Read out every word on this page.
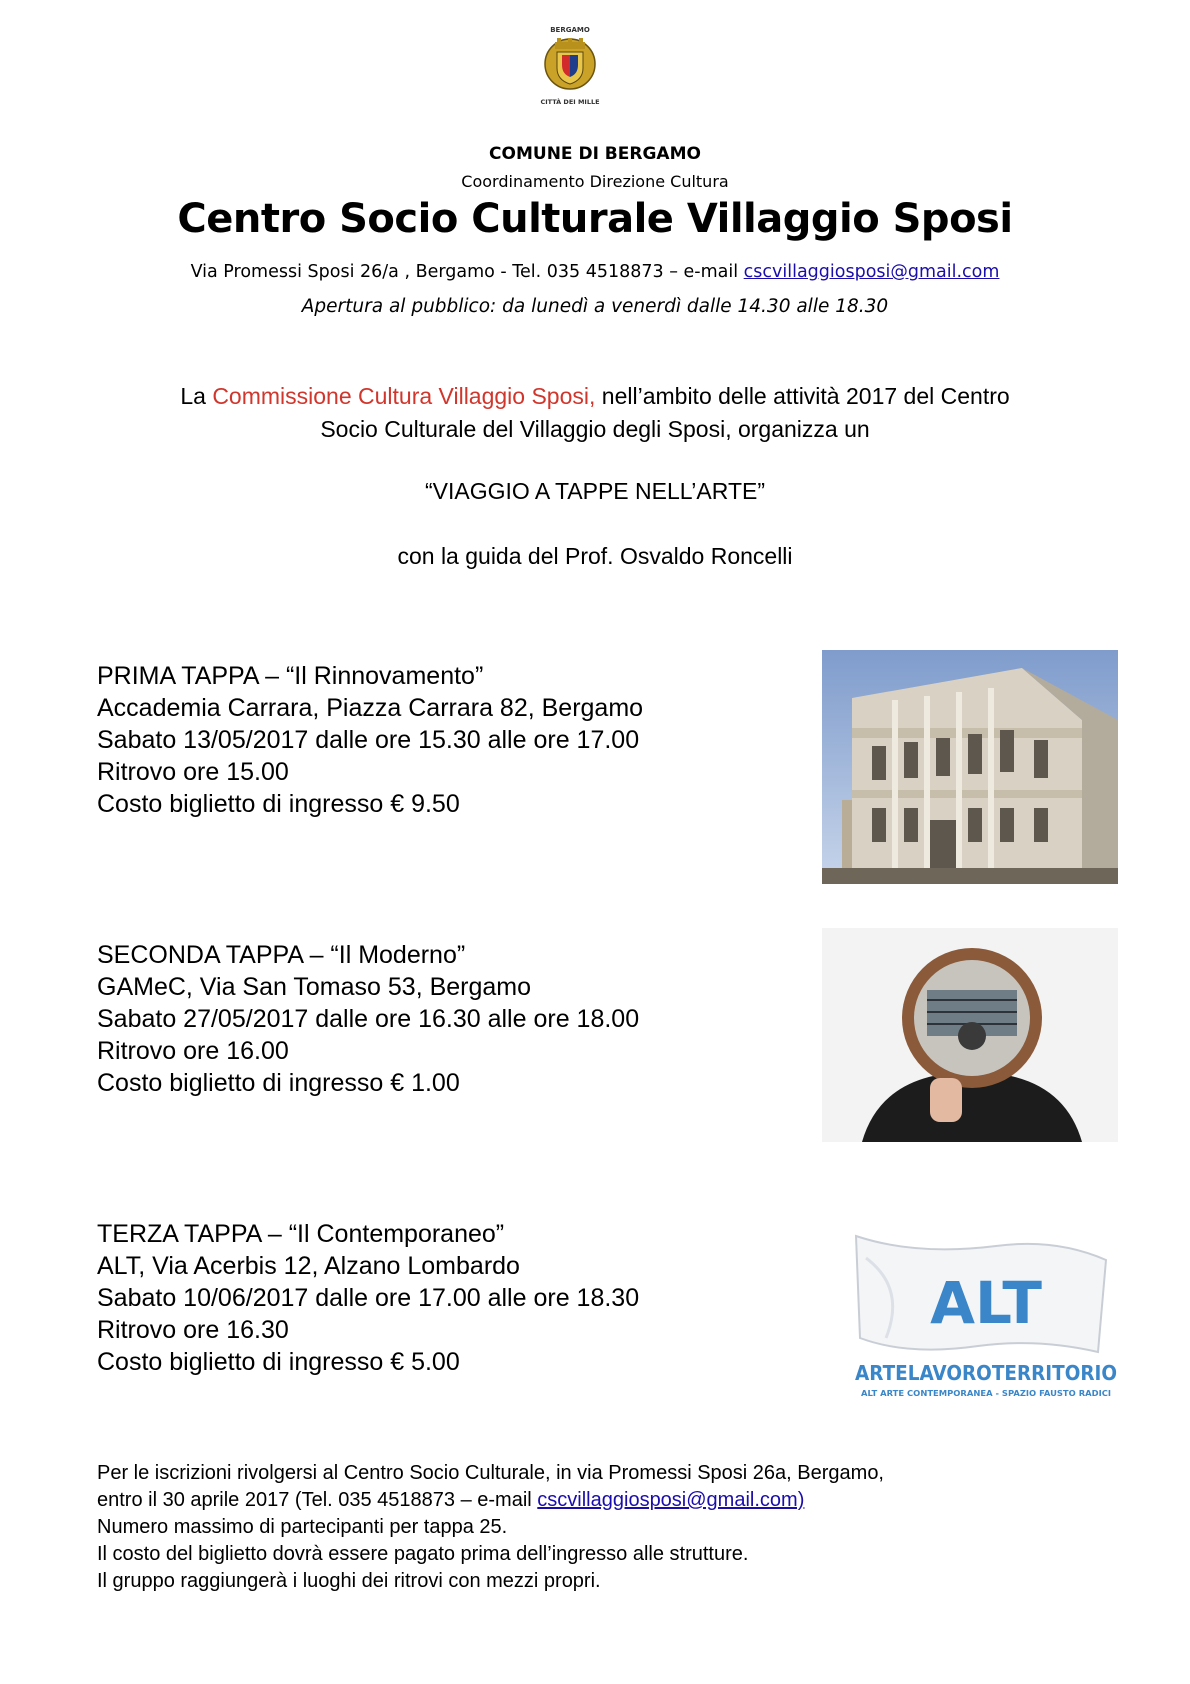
BERGAMO
CITTÀ DEI MILLE
COMUNE DI BERGAMO
Coordinamento Direzione Cultura
Centro Socio Culturale Villaggio Sposi
Via Promessi Sposi 26/a , Bergamo - Tel. 035 4518873 – e-mail cscvillaggiosposi@gmail.com
Apertura al pubblico: da lunedì a venerdì dalle 14.30 alle 18.30
La Commissione Cultura Villaggio Sposi, nell’ambito delle attività 2017 del Centro
Socio Culturale del Villaggio degli Sposi, organizza un
“VIAGGIO A TAPPE NELL’ARTE”
con la guida del Prof. Osvaldo Roncelli
PRIMA TAPPA – “Il Rinnovamento”
Accademia Carrara, Piazza Carrara 82, Bergamo
Sabato 13/05/2017 dalle ore 15.30 alle ore 17.00
Ritrovo ore 15.00
Costo biglietto di ingresso € 9.50
SECONDA TAPPA – “Il Moderno”
GAMeC, Via San Tomaso 53, Bergamo
Sabato 27/05/2017 dalle ore 16.30 alle ore 18.00
Ritrovo ore 16.00
Costo biglietto di ingresso € 1.00
TERZA TAPPA – “Il Contemporaneo”
ALT, Via Acerbis 12, Alzano Lombardo
Sabato 10/06/2017 dalle ore 17.00 alle ore 18.30
Ritrovo ore 16.30
Costo biglietto di ingresso € 5.00
ALT
ARTELAVOROTERRITORIO
ALT ARTE CONTEMPORANEA - SPAZIO FAUSTO RADICI
Per le iscrizioni rivolgersi al Centro Socio Culturale, in via Promessi Sposi 26a, Bergamo,
entro il 30 aprile 2017 (Tel. 035 4518873 – e-mail cscvillaggiosposi@gmail.com)
Numero massimo di partecipanti per tappa 25.
Il costo del biglietto dovrà essere pagato prima dell’ingresso alle strutture.
Il gruppo raggiungerà i luoghi dei ritrovi con mezzi propri.
